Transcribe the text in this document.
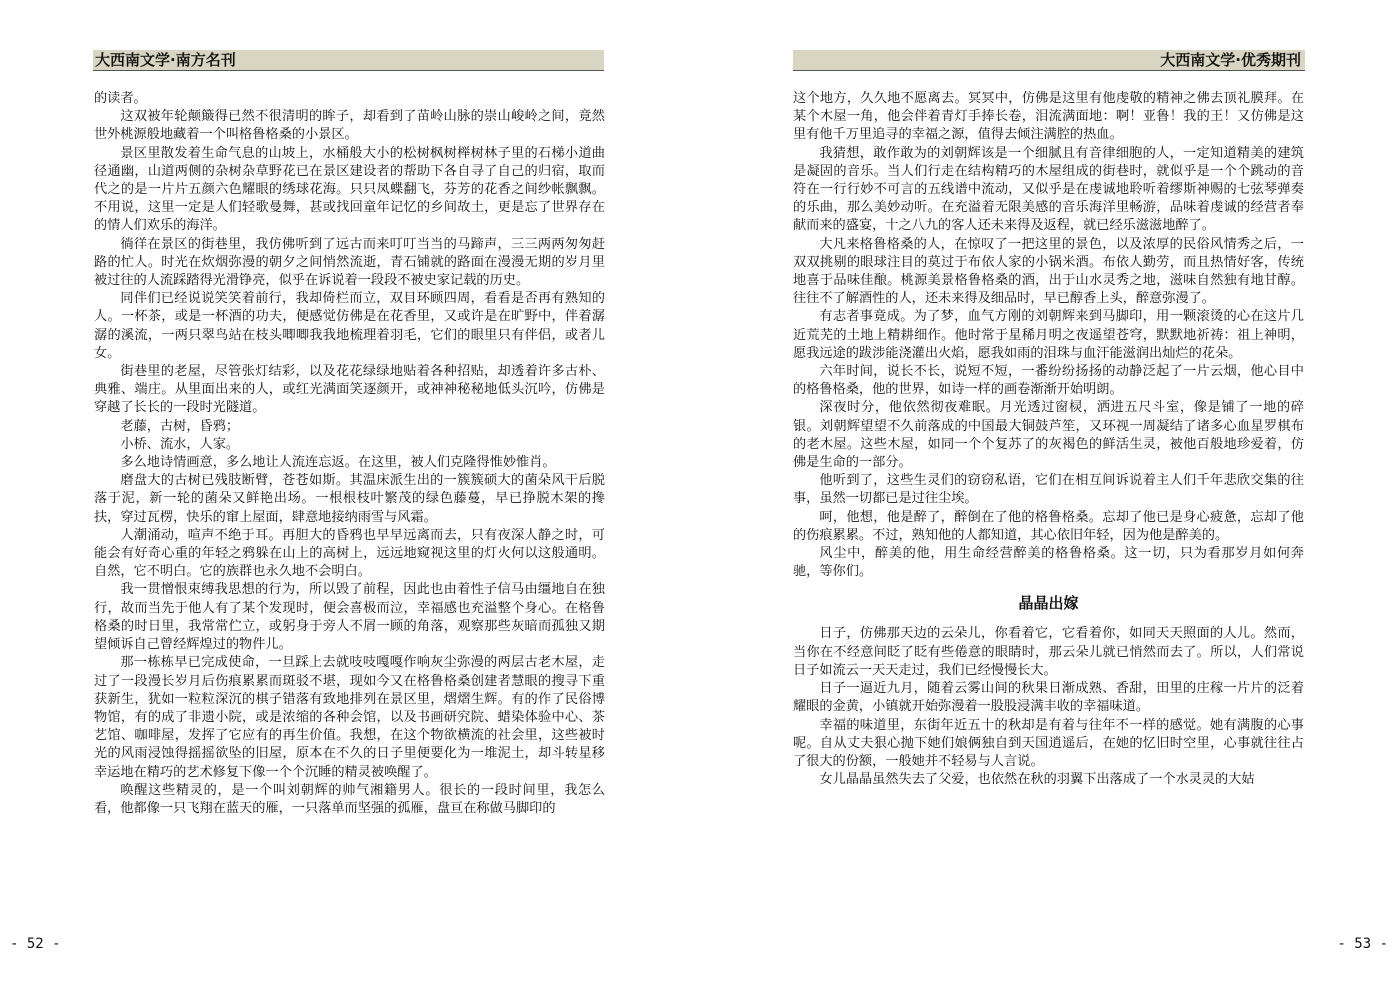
大西南文学·南方名刊

的读者。

这双被年轮颠簸得已然不很清明的眸子，却看到了苗岭山脉的崇山峻岭之间，竟然世外桃源般地藏着一个叫格鲁格桑的小景区。

景区里散发着生命气息的山坡上，水桶般大小的松树枫树榉树林子里的石梯小道曲径通幽，山道两侧的杂树杂草野花已在景区建设者的帮助下各自寻了自己的归宿，取而代之的是一片片五颜六色耀眼的绣球花海。只只凤蝶翻飞，芬芳的花香之间纱帐飘飘。不用说，这里一定是人们轻歌曼舞，甚或找回童年记忆的乡间故土，更是忘了世界存在的情人们欢乐的海洋。

徜徉在景区的街巷里，我仿佛听到了远古而来叮叮当当的马蹄声，三三两两匆匆赶路的忙人。时光在炊烟弥漫的朝夕之间悄然流逝，青石铺就的路面在漫漫无期的岁月里被过往的人流踩踏得光滑铮亮，似乎在诉说着一段段不被史家记载的历史。

同伴们已经说说笑笑着前行，我却倚栏而立，双目环顾四周，看看是否再有熟知的人。一杯茶，或是一杯酒的功夫，便感觉仿佛是在花香里，又或许是在旷野中，伴着潺潺的溪流，一两只翠鸟站在枝头唧唧我我地梳理着羽毛，它们的眼里只有伴侣，或者儿女。

街巷里的老屋，尽管张灯结彩，以及花花绿绿地贴着各种招贴，却透着许多古朴、典雅、端庄。从里面出来的人，或红光满面笑逐颜开，或神神秘秘地低头沉吟，仿佛是穿越了长长的一段时光隧道。

老藤，古树，昏鸦；

小桥、流水，人家。

多么地诗情画意，多么地让人流连忘返。在这里，被人们克隆得惟妙惟肖。

磨盘大的古树已残肢断臂，苍苍如斯。其温床派生出的一簇簇硕大的菌朵风干后脱落于泥，新一轮的菌朵又鲜艳出场。一根根枝叶繁茂的绿色藤蔓，早已挣脱木架的搀扶，穿过瓦楞，快乐的窜上屋面，肆意地接纳雨雪与风霜。

人潮涌动，喧声不绝于耳。再胆大的昏鸦也早早远离而去，只有夜深人静之时，可能会有好奇心重的年轻之鸦躲在山上的高树上，远远地窥视这里的灯火何以这般通明。自然，它不明白。它的族群也永久地不会明白。

我一贯憎恨束缚我思想的行为，所以毁了前程，因此也由着性子信马由缰地自在独行，故而当先于他人有了某个发现时，便会喜极而泣，幸福感也充溢整个身心。在格鲁格桑的时日里，我常常伫立，或躬身于旁人不屑一顾的角落，观察那些灰暗而孤独又期望倾诉自己曾经辉煌过的物件儿。

那一栋栋早已完成使命，一旦踩上去就吱吱嘎嘎作响灰尘弥漫的两层古老木屋，走过了一段漫长岁月后伤痕累累而斑驳不堪，现如今又在格鲁格桑创建者慧眼的搜寻下重获新生，犹如一粒粒深沉的棋子错落有致地排列在景区里，熠熠生辉。有的作了民俗博物馆，有的成了非遗小院，或是浓缩的各种会馆，以及书画研究院、蜡染体验中心、茶艺馆、咖啡屋，发挥了它应有的再生价值。我想，在这个物欲横流的社会里，这些被时光的风雨浸蚀得摇摇欲坠的旧屋，原本在不久的日子里便要化为一堆泥土，却斗转星移幸运地在精巧的艺术修复下像一个个沉睡的精灵被唤醒了。

唤醒这些精灵的，是一个叫刘朝辉的帅气湘籍男人。很长的一段时间里，我怎么看，他都像一只飞翔在蓝天的雁，一只落单而坚强的孤雁，盘亘在称做马脚印的

- 52 -
大西南文学·优秀期刊

这个地方，久久地不愿离去。冥冥中，仿佛是这里有他虔敬的精神之佛去顶礼膜拜。在某个木屋一角，他会伴着青灯手捧长卷，泪流满面地：啊！亚鲁！我的王！又仿佛是这里有他千万里追寻的幸福之源，值得去倾注满腔的热血。

我猜想，敢作敢为的刘朝辉该是一个细腻且有音律细胞的人，一定知道精美的建筑是凝固的音乐。当人们行走在结构精巧的木屋组成的街巷时，就似乎是一个个跳动的音符在一行行妙不可言的五线谱中流动，又似乎是在虔诚地聆听着缪斯神赐的七弦琴弹奏的乐曲，那么美妙动听。在充溢着无限美感的音乐海洋里畅游，品味着虔诚的经营者奉献而来的盛宴，十之八九的客人还未来得及返程，就已经乐滋滋地醉了。

大凡来格鲁格桑的人，在惊叹了一把这里的景色，以及浓厚的民俗风情秀之后，一双双挑剔的眼球注目的莫过于布依人家的小锅米酒。布依人勤劳，而且热情好客，传统地喜于品味佳酿。桃源美景格鲁格桑的酒，出于山水灵秀之地，滋味自然独有地甘醇。往往不了解酒性的人，还未来得及细品时，早已醇香上头，醉意弥漫了。

有志者事竟成。为了梦，血气方刚的刘朝辉来到马脚印，用一颗滚烫的心在这片几近荒芜的土地上精耕细作。他时常于星稀月明之夜遥望苍穹，默默地祈祷：祖上神明，愿我远途的跋涉能浇灌出火焰，愿我如雨的泪珠与血汗能滋润出灿烂的花朵。

六年时间，说长不长，说短不短，一番纷纷扬扬的动静泛起了一片云烟，他心目中的格鲁格桑，他的世界，如诗一样的画卷渐渐开始明朗。

深夜时分，他依然彻夜难眠。月光透过窗棂，洒进五尺斗室，像是铺了一地的碎银。刘朝辉望望不久前落成的中国最大铜鼓芦笙，又环视一周凝结了诸多心血星罗棋布的老木屋。这些木屋，如同一个个复苏了的灰褐色的鲜活生灵，被他百般地珍爱着，仿佛是生命的一部分。

他听到了，这些生灵们的窃窃私语，它们在相互间诉说着主人们千年悲欣交集的往事，虽然一切都已是过往尘埃。

呵，他想，他是醉了，醉倒在了他的格鲁格桑。忘却了他已是身心疲惫，忘却了他的伤痕累累。不过，熟知他的人都知道，其心依旧年轻，因为他是醉美的。

风尘中，醉美的他，用生命经营醉美的格鲁格桑。这一切，只为看那岁月如何奔驰，等你们。

晶晶出嫁

日子，仿佛那天边的云朵儿，你看着它，它看着你，如同天天照面的人儿。然而，当你在不经意间眨了眨有些倦意的眼睛时，那云朵儿就已悄然而去了。所以，人们常说日子如流云一天天走过，我们已经慢慢长大。

日子一逼近九月，随着云雾山间的秋果日渐成熟、香甜，田里的庄稼一片片的泛着耀眼的金黄，小镇就开始弥漫着一股股浸满丰收的幸福味道。

幸福的味道里，东街年近五十的秋却是有着与往年不一样的感觉。她有满腹的心事呢。自从丈夫狠心抛下她们娘俩独自到天国逍遥后，在她的忆旧时空里，心事就往往占了很大的份额，一般她并不轻易与人言说。

女儿晶晶虽然失去了父爱，也依然在秋的羽翼下出落成了一个水灵灵的大姑

- 53 -
